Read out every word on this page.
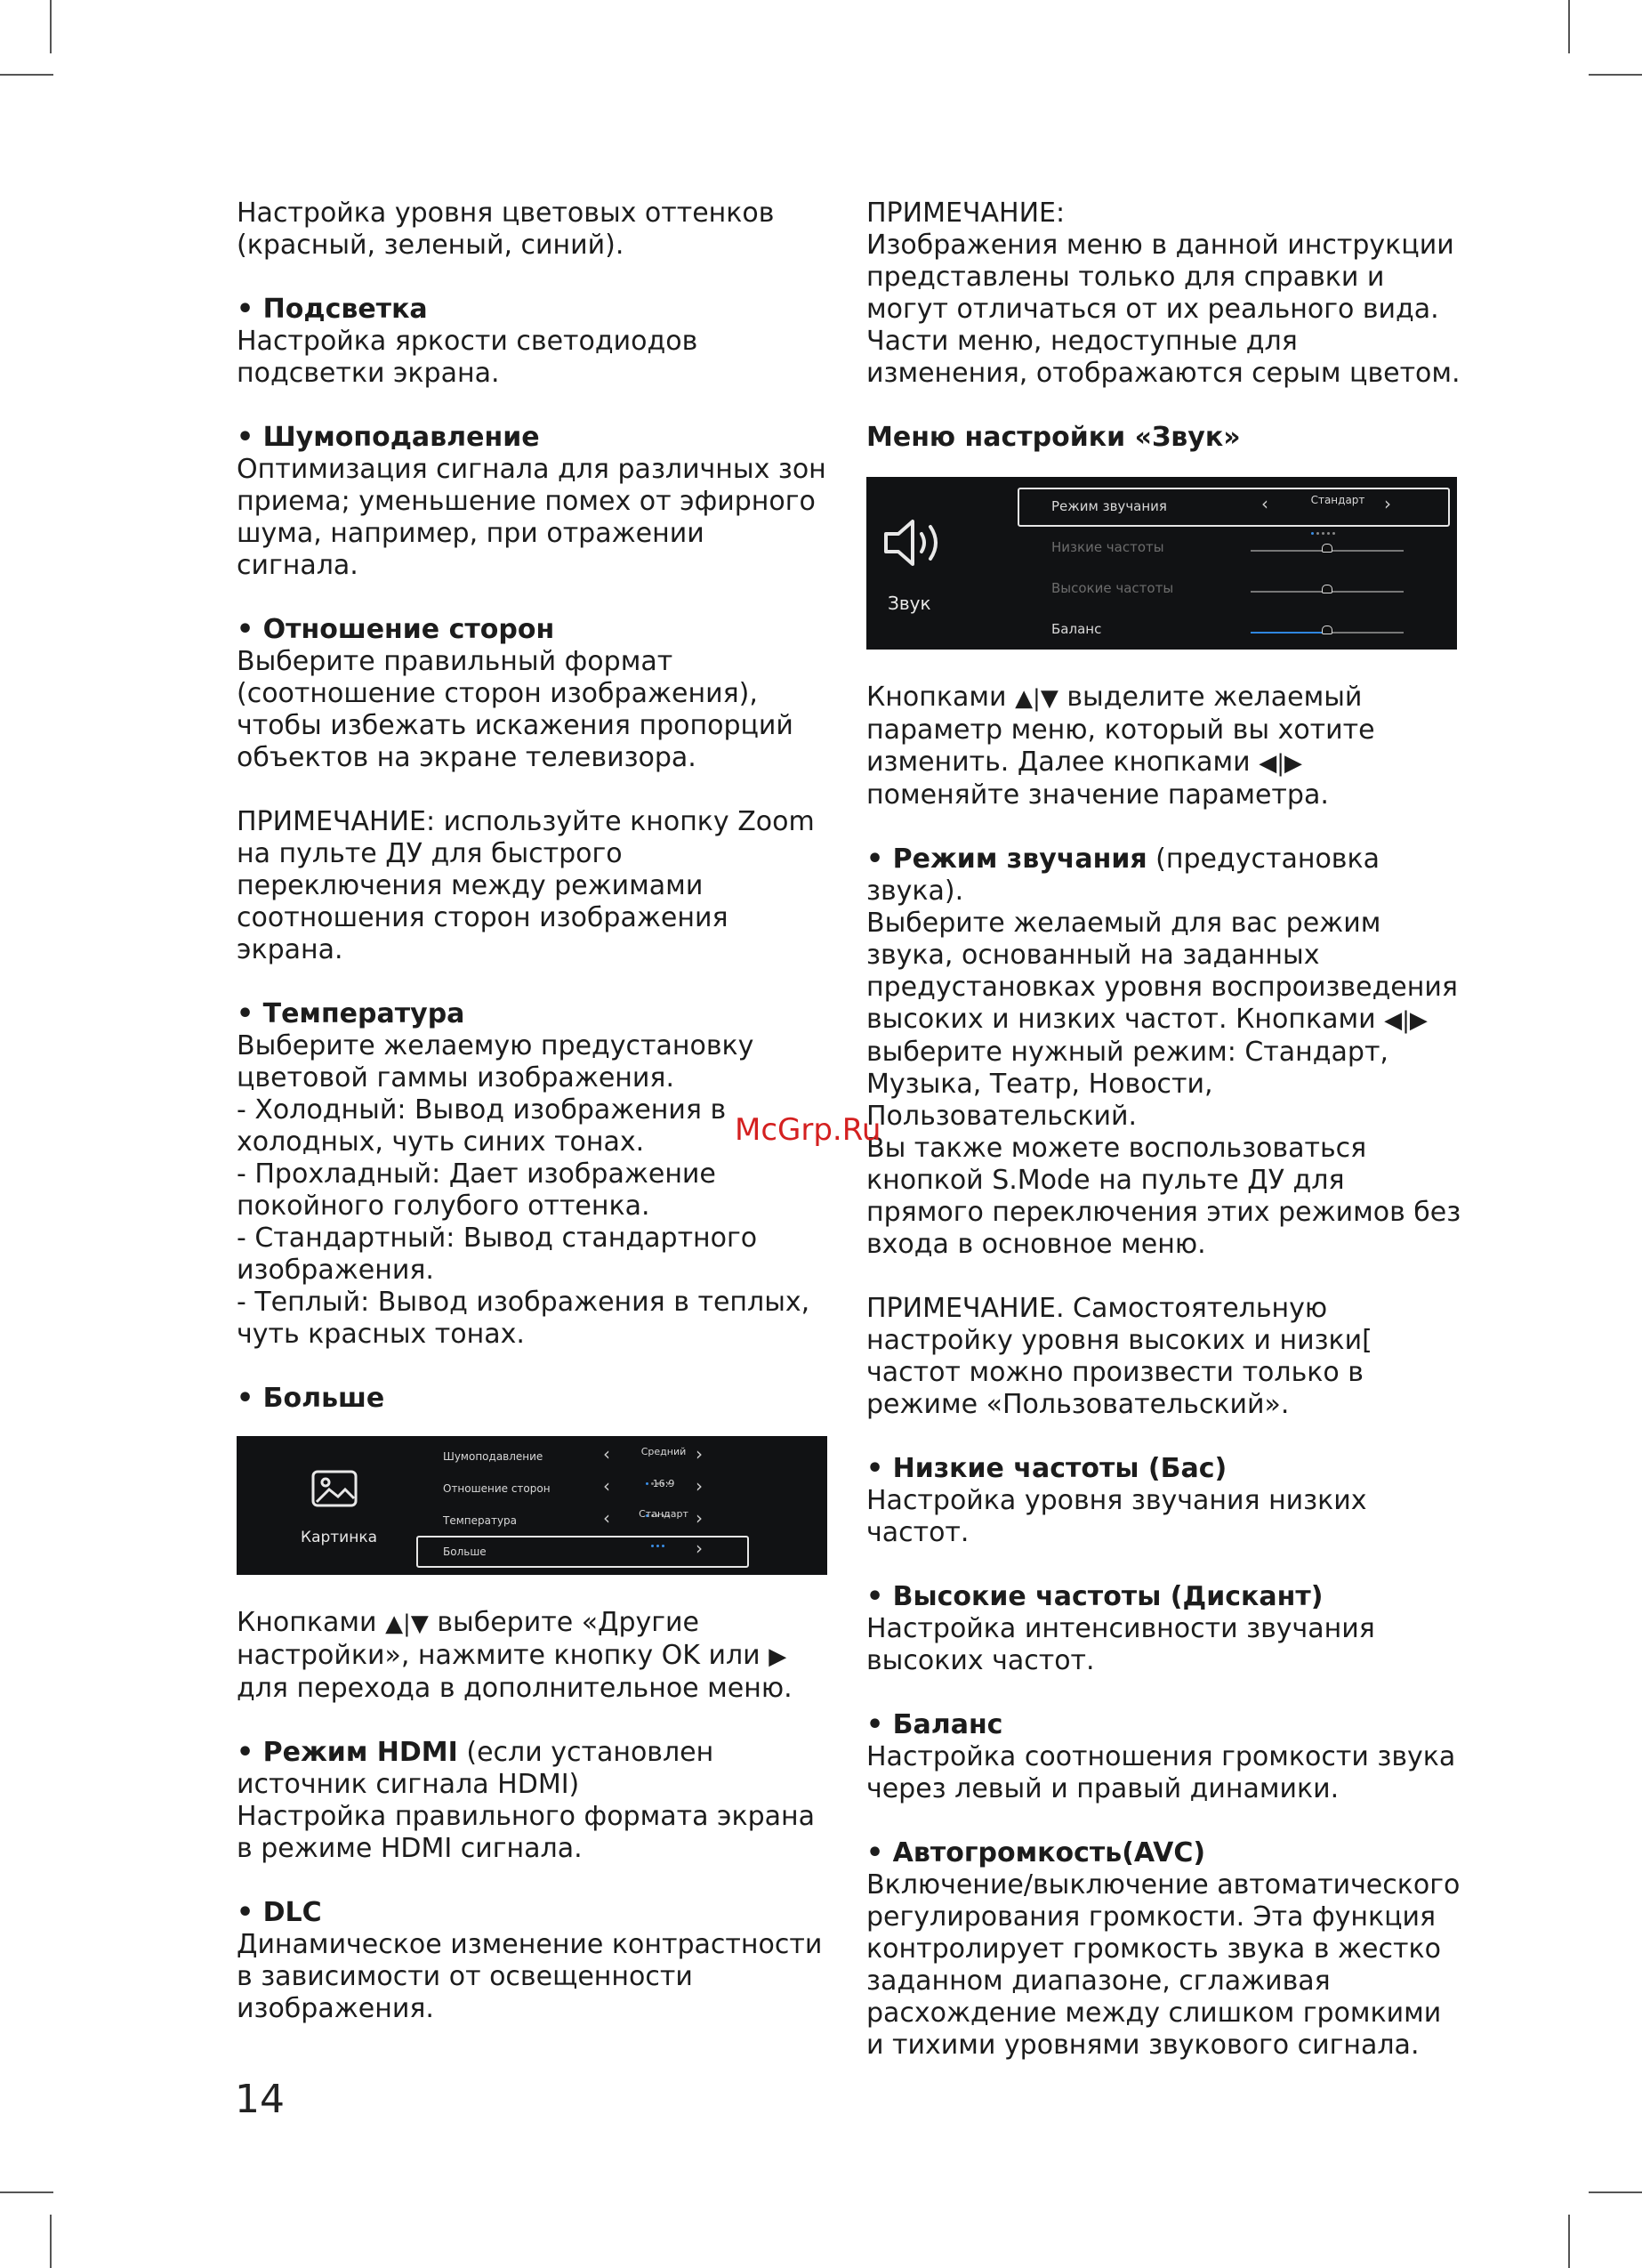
Настройка уровня цветовых оттенков (красный, зеленый, синий).

• Подсветка
Настройка яркости светодиодов подсветки экрана.

• Шумоподавление
Оптимизация сигнала для различных зон приема; уменьшение помех от эфирного шума, например, при отражении сигнала.

• Отношение сторон
Выберите правильный формат (соотношение сторон изображения), чтобы избежать искажения пропорций объектов на экране телевизора.

ПРИМЕЧАНИЕ: используйте кнопку Zoom на пульте ДУ для быстрого переключения между режимами соотношения сторон изображения экрана.

• Температура
Выберите желаемую предустановку цветовой гаммы изображения.
- Холодный: Вывод изображения в холодных, чуть синих тонах.
- Прохладный: Дает изображение покойного голубого оттенка.
- Стандартный: Вывод стандартного изображения.
- Теплый: Вывод изображения в теплых, чуть красных тонах.

• Больше

Картинка
Шумоподавление	‹	Средний ›
Отношение сторон	‹	16:9	›
Температура	‹	Стандарт ›
Больше	›

Кнопками ▲|▼ выберите «Другие настройки», нажмите кнопку OK или ▶ для перехода в дополнительное меню.

• Режим HDMI (если установлен источник сигнала HDMI)
Настройка правильного формата экрана в режиме HDMI сигнала.

• DLC
Динамическое изменение контрастности в зависимости от освещенности изображения.

ПРИМЕЧАНИЕ:
Изображения меню в данной инструкции представлены только для справки и могут отличаться от их реального вида. Части меню, недоступные для изменения, отображаются серым цветом.

Меню настройки «Звук»

Звук
Режим звучания	‹	Стандарт	›
Низкие частоты
Высокие частоты
Баланс

Кнопками ▲|▼ выделите желаемый параметр меню, который вы хотите изменить. Далее кнопками ◀|▶ поменяйте значение параметра.

• Режим звучания (предустановка звука).
Выберите желаемый для вас режим звука, основанный на заданных предустановках уровня воспроизведения высоких и низких частот. Кнопками ◀|▶ выберите нужный режим: Стандарт, Музыка, Театр, Новости, Пользовательский.
Вы также можете воспользоваться кнопкой S.Mode на пульте ДУ для прямого переключения этих режимов без входа в основное меню.

ПРИМЕЧАНИЕ. Самостоятельную настройку уровня высоких и низки[ частот можно произвести только в режиме «Пользовательский».

• Низкие частоты (Бас)
Настройка уровня звучания низких частот.

• Высокие частоты (Дискант)
Настройка интенсивности звучания высоких частот.

• Баланс
Настройка соотношения громкости звука через левый и правый динамики.

• Автогромкость(AVC)
Включение/выключение автоматического регулирования громкости. Эта функция контролирует громкость звука в жестко заданном диапазоне, сглаживая расхождение между слишком громкими и тихими уровнями звукового сигнала.

McGrp.Ru
14
